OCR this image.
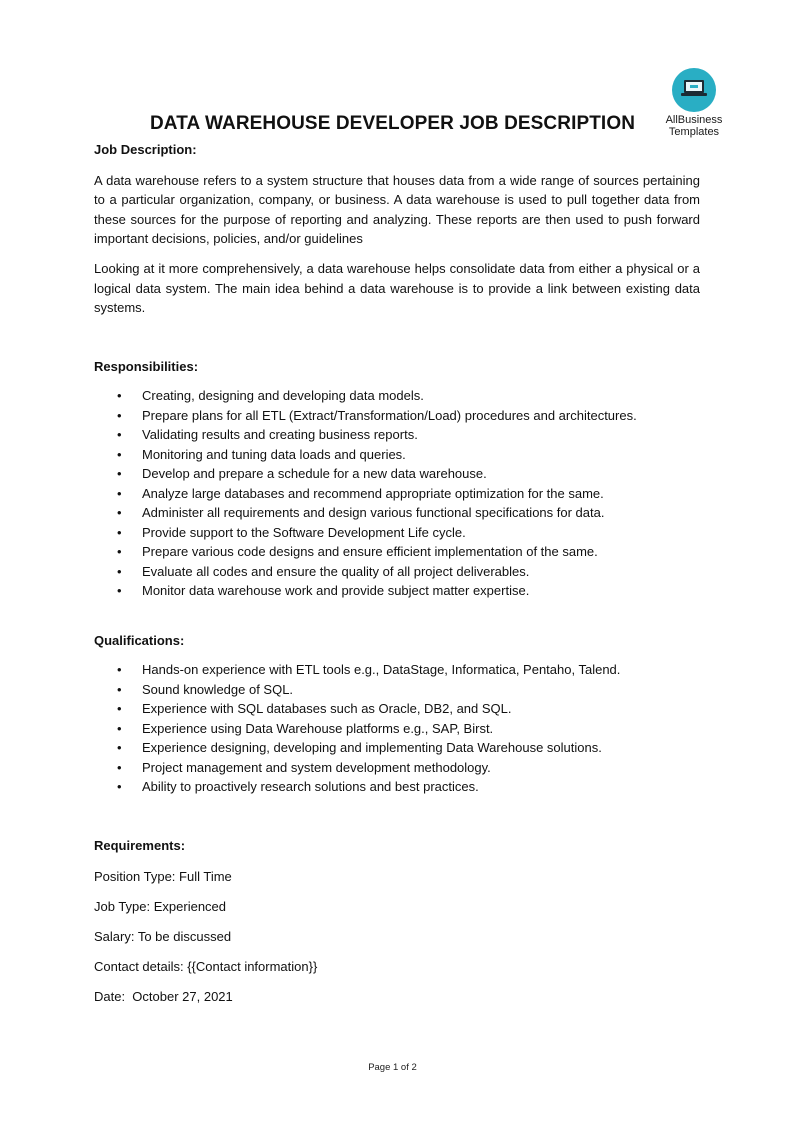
AllBusiness
Templates
DATA WAREHOUSE DEVELOPER JOB DESCRIPTION
Job Description:

A data warehouse refers to a system structure that houses data from a wide range of sources pertaining to a particular organization, company, or business. A data warehouse is used to pull together data from these sources for the purpose of reporting and analyzing. These reports are then used to push forward important decisions, policies, and/or guidelines

Looking at it more comprehensively, a data warehouse helps consolidate data from either a physical or a logical data system. The main idea behind a data warehouse is to provide a link between existing data systems.

Responsibilities:
• Creating, designing and developing data models.
• Prepare plans for all ETL (Extract/Transformation/Load) procedures and architectures.
• Validating results and creating business reports.
• Monitoring and tuning data loads and queries.
• Develop and prepare a schedule for a new data warehouse.
• Analyze large databases and recommend appropriate optimization for the same.
• Administer all requirements and design various functional specifications for data.
• Provide support to the Software Development Life cycle.
• Prepare various code designs and ensure efficient implementation of the same.
• Evaluate all codes and ensure the quality of all project deliverables.
• Monitor data warehouse work and provide subject matter expertise.
Qualifications:
• Hands-on experience with ETL tools e.g., DataStage, Informatica, Pentaho, Talend.
• Sound knowledge of SQL.
• Experience with SQL databases such as Oracle, DB2, and SQL.
• Experience using Data Warehouse platforms e.g., SAP, Birst.
• Experience designing, developing and implementing Data Warehouse solutions.
• Project management and system development methodology.
• Ability to proactively research solutions and best practices.
Requirements:
Position Type: Full Time
Job Type: Experienced
Salary: To be discussed
Contact details: {{Contact information}}
Date:  October 27, 2021
Page 1 of 2
